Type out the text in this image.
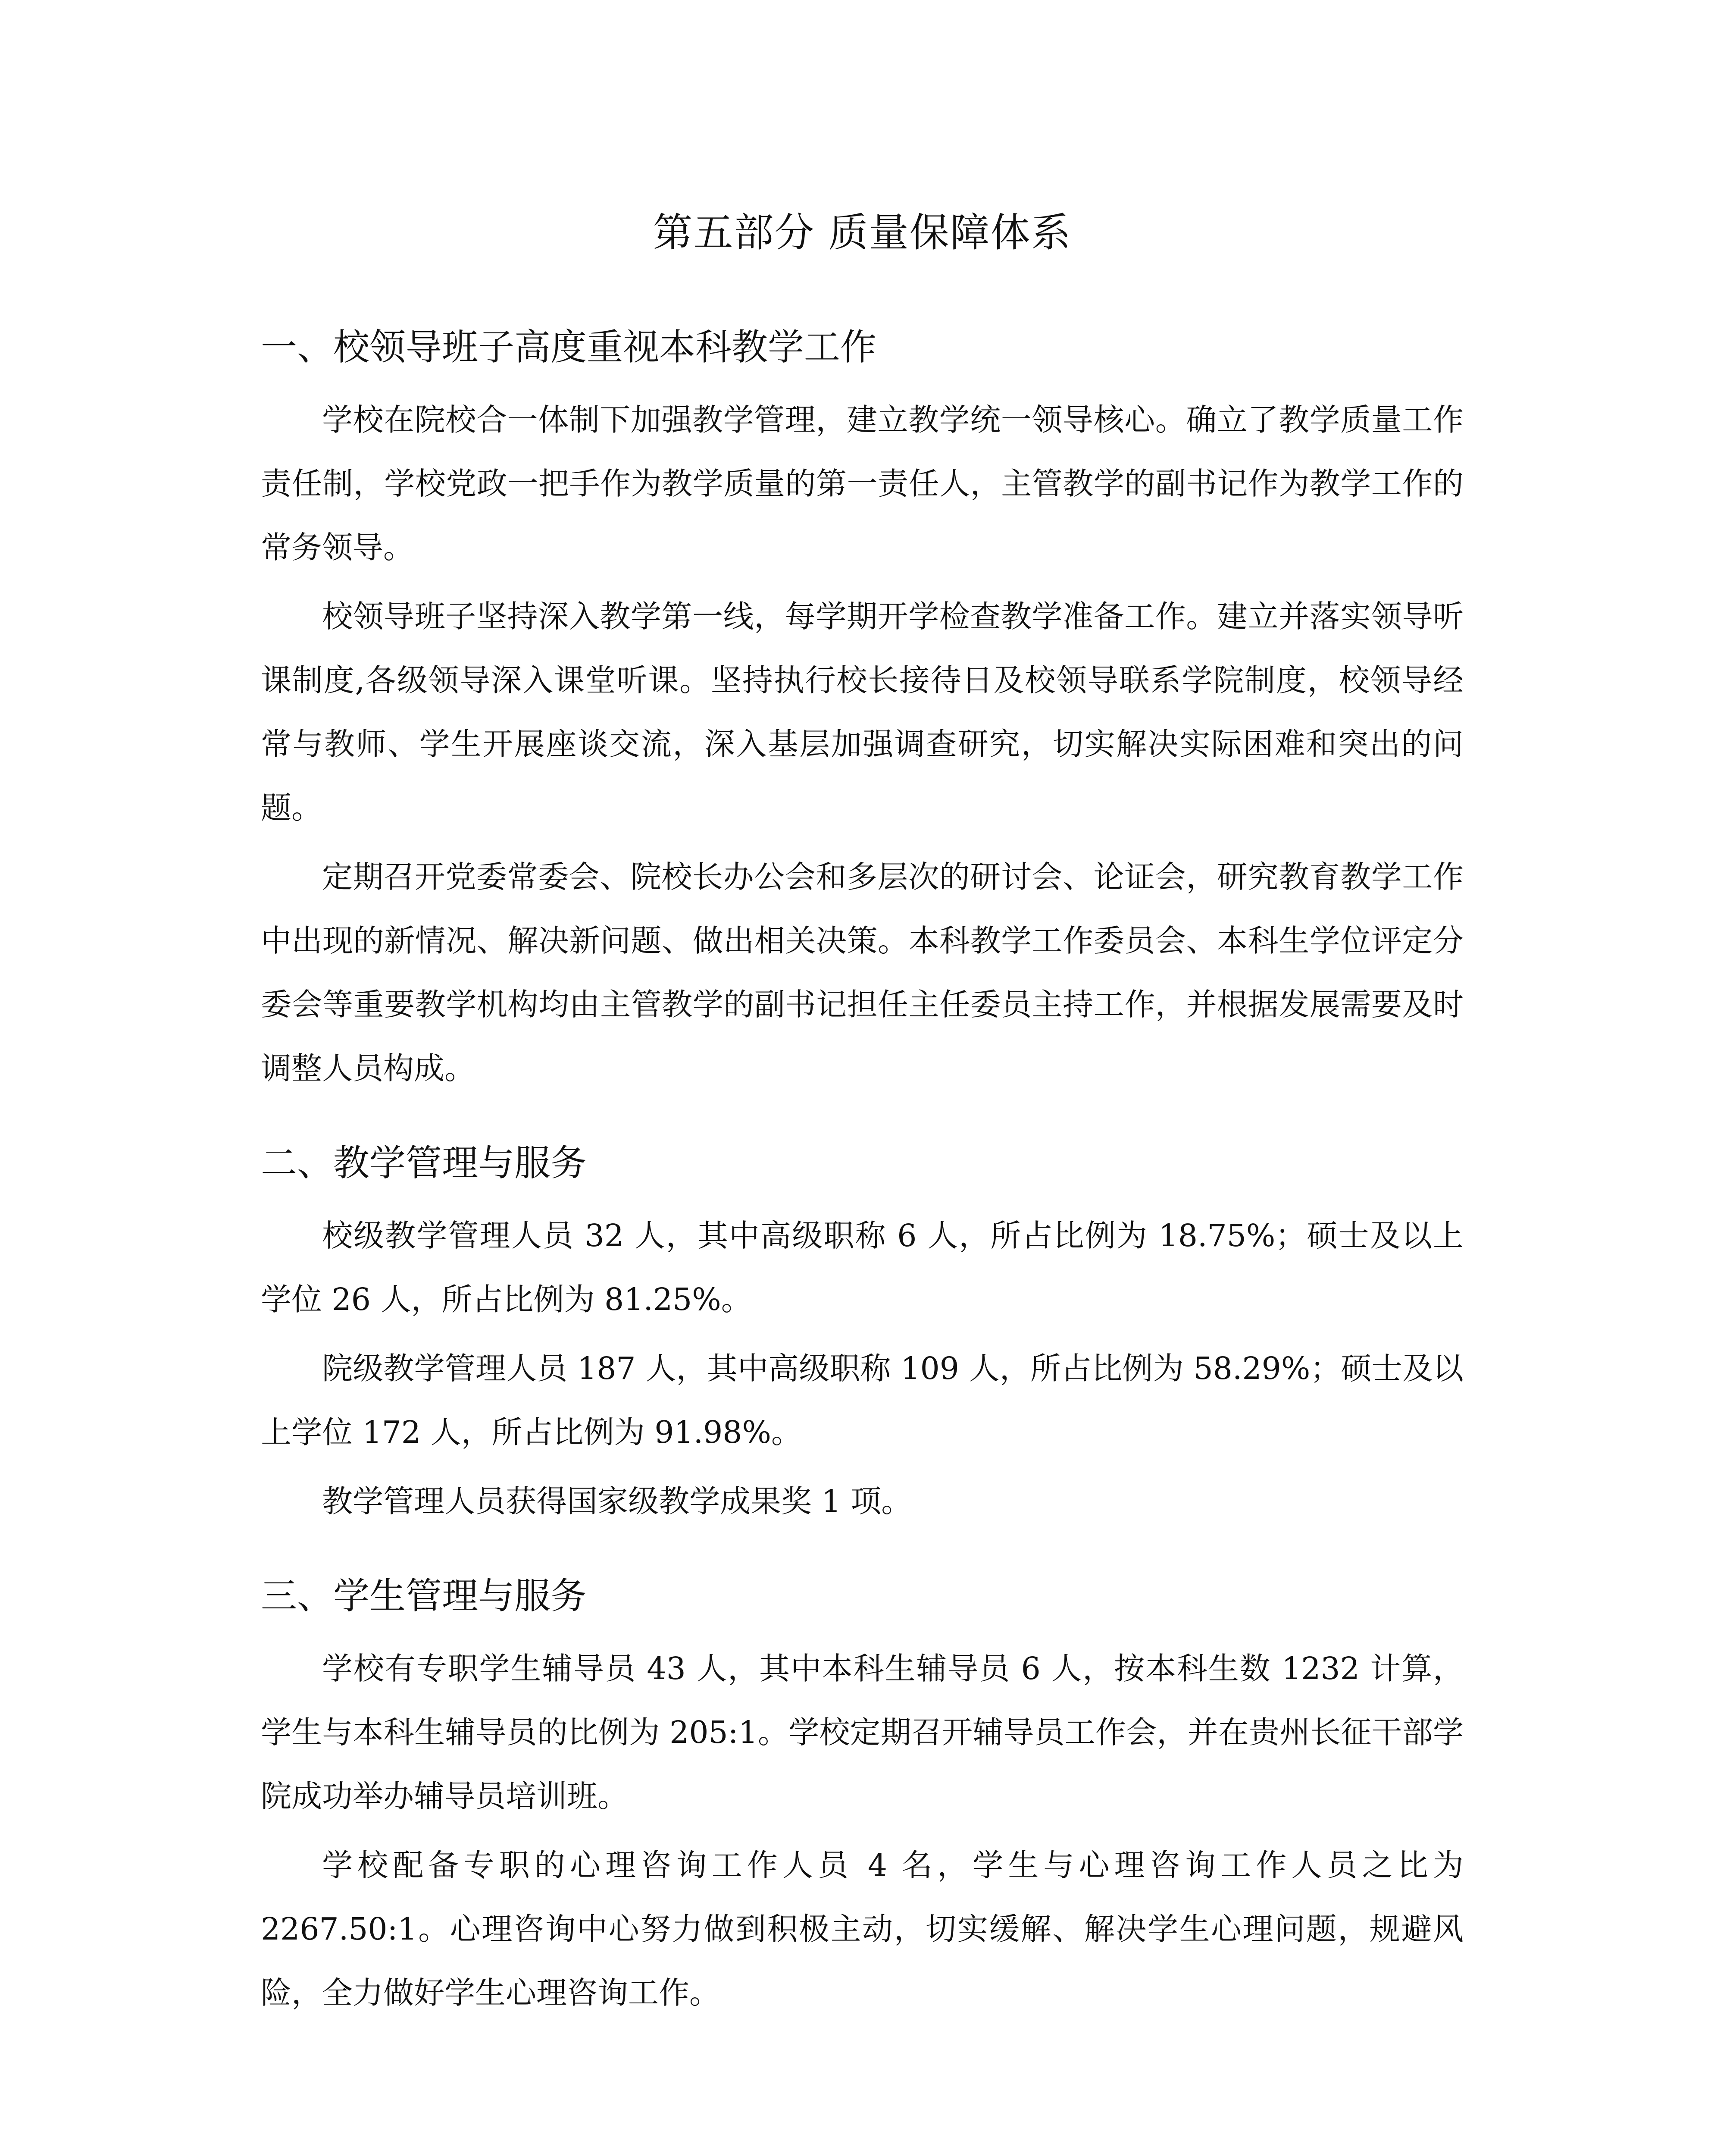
第五部分 质量保障体系
一、校领导班子高度重视本科教学工作

学校在院校合一体制下加强教学管理，建立教学统一领导核心。确立了教学质量工作责任制，学校党政一把手作为教学质量的第一责任人，主管教学的副书记作为教学工作的常务领导。

校领导班子坚持深入教学第一线，每学期开学检查教学准备工作。建立并落实领导听课制度,各级领导深入课堂听课。坚持执行校长接待日及校领导联系学院制度，校领导经常与教师、学生开展座谈交流，深入基层加强调查研究，切实解决实际困难和突出的问题。

定期召开党委常委会、院校长办公会和多层次的研讨会、论证会，研究教育教学工作中出现的新情况、解决新问题、做出相关决策。本科教学工作委员会、本科生学位评定分委会等重要教学机构均由主管教学的副书记担任主任委员主持工作，并根据发展需要及时调整人员构成。

二、教学管理与服务

校级教学管理人员 32 人，其中高级职称 6 人，所占比例为 18.75%；硕士及以上学位 26 人，所占比例为 81.25%。

院级教学管理人员 187 人，其中高级职称 109 人，所占比例为 58.29%；硕士及以上学位 172 人，所占比例为 91.98%。

教学管理人员获得国家级教学成果奖 1 项。

三、学生管理与服务

学校有专职学生辅导员 43 人，其中本科生辅导员 6 人，按本科生数 1232 计算，学生与本科生辅导员的比例为 205:1。学校定期召开辅导员工作会，并在贵州长征干部学院成功举办辅导员培训班。

学校配备专职的心理咨询工作人员 4 名，学生与心理咨询工作人员之比为 2267.50:1。心理咨询中心努力做到积极主动，切实缓解、解决学生心理问题，规避风险，全力做好学生心理咨询工作。
